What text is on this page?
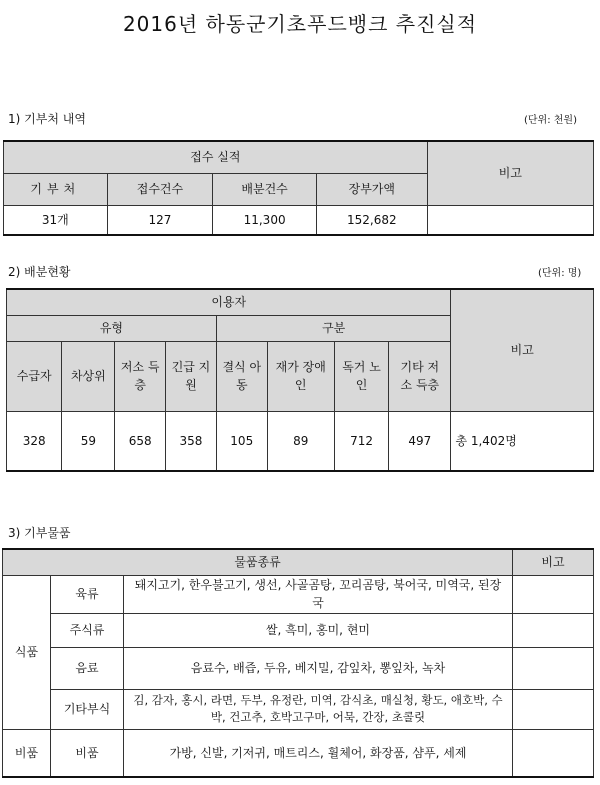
2016년 하동군기초푸드뱅크 추진실적
1) 기부처 내역	(단위: 천원)
접수 실적				비고
기부처	접수건수	배분건수	장부가액	
31개	127	11,300	152,682	
2) 배분현황	(단위: 명)
이용자								비고
유형				구분				
수급자	차상위	저소 득층	긴급 지원	결식 아동	재가 장애인	독거 노인	기타 저소 득층	
328	59	658	358	105	89	712	497	총 1,402명
3) 기부물품
물품종류			비고
식품	육류	돼지고기, 한우불고기, 생선, 사골곰탕, 꼬리곰탕, 북어국, 미역국, 된장국	
	주식류	쌀, 흑미, 홍미, 현미	
	음료	음료수, 배즙, 두유, 베지밀, 감잎차, 뽕잎차, 녹차	
	기타부식	김, 감자, 홍시, 라면, 두부, 유정란, 미역, 감식초, 매실청, 황도, 애호박, 수박, 건고추, 호박고구마, 어묵, 간장, 초콜릿	
비품	비품	가방, 신발, 기저귀, 매트리스, 휠체어, 화장품, 샴푸, 세제	
